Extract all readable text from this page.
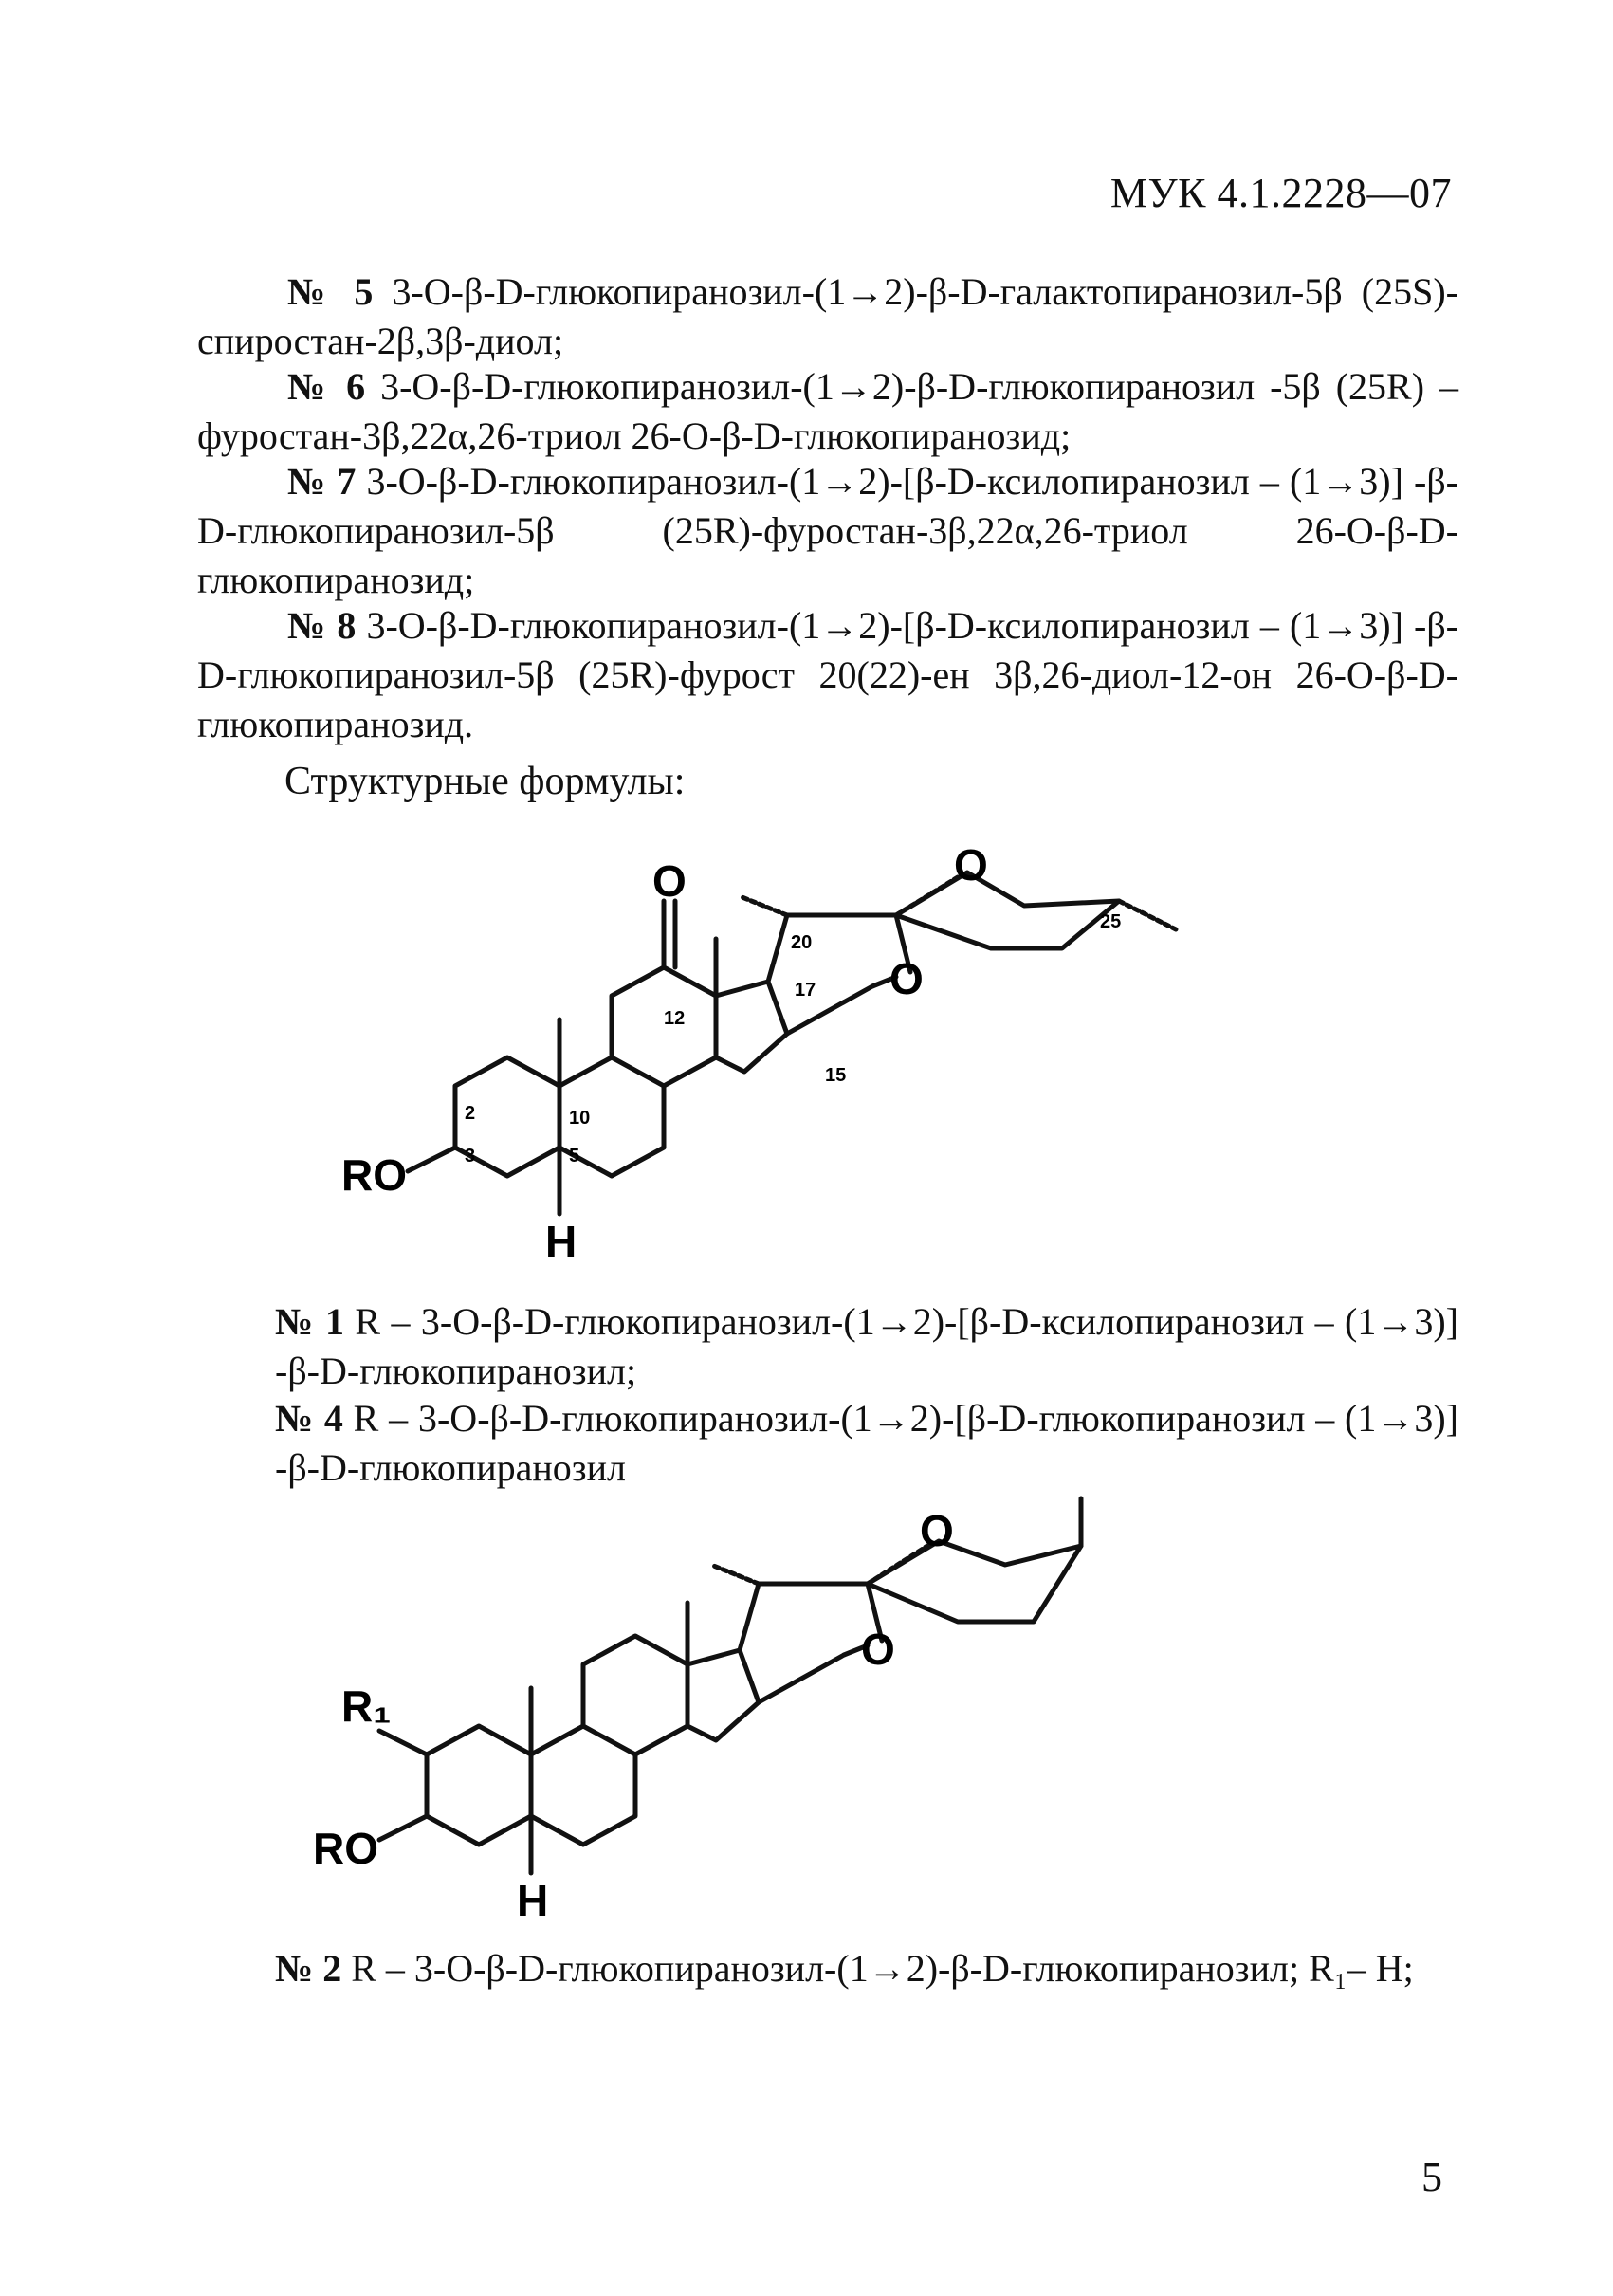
МУК 4.1.2228—07
№ 5 3-O-β-D-глюкопиранозил-(1→2)-β-D-галактопиранозил-5β (25S)-спиростан-2β,3β-диол;
№ 6 3-O-β-D-глюкопиранозил-(1→2)-β-D-глюкопиранозил -5β (25R) – фуростан-3β,22α,26-триол 26-O-β-D-глюкопиранозид;
№ 7 3-O-β-D-глюкопиранозил-(1→2)-[β-D-ксилопиранозил – (1→3)] -β-D-глюкопиранозил-5β (25R)-фуростан-3β,22α,26-триол 26-O-β-D-глюкопиранозид;
№ 8 3-O-β-D-глюкопиранозил-(1→2)-[β-D-ксилопиранозил – (1→3)] -β-D-глюкопиранозил-5β (25R)-фурост 20(22)-ен 3β,26-диол-12-он 26-O-β-D-глюкопиранозид.
Структурные формулы:
O	O
O
RO
H
12
20
17
15
25
2
3	5
10
№ 1 R – 3-O-β-D-глюкопиранозил-(1→2)-[β-D-ксилопиранозил – (1→3)] -β-D-глюкопиранозил;
№ 4 R – 3-O-β-D-глюкопиранозил-(1→2)-[β-D-глюкопиранозил – (1→3)] -β-D-глюкопиранозил
O
O
R₁
RO
H
№ 2 R – 3-O-β-D-глюкопиранозил-(1→2)-β-D-глюкопиранозил; R₁– H;
5
